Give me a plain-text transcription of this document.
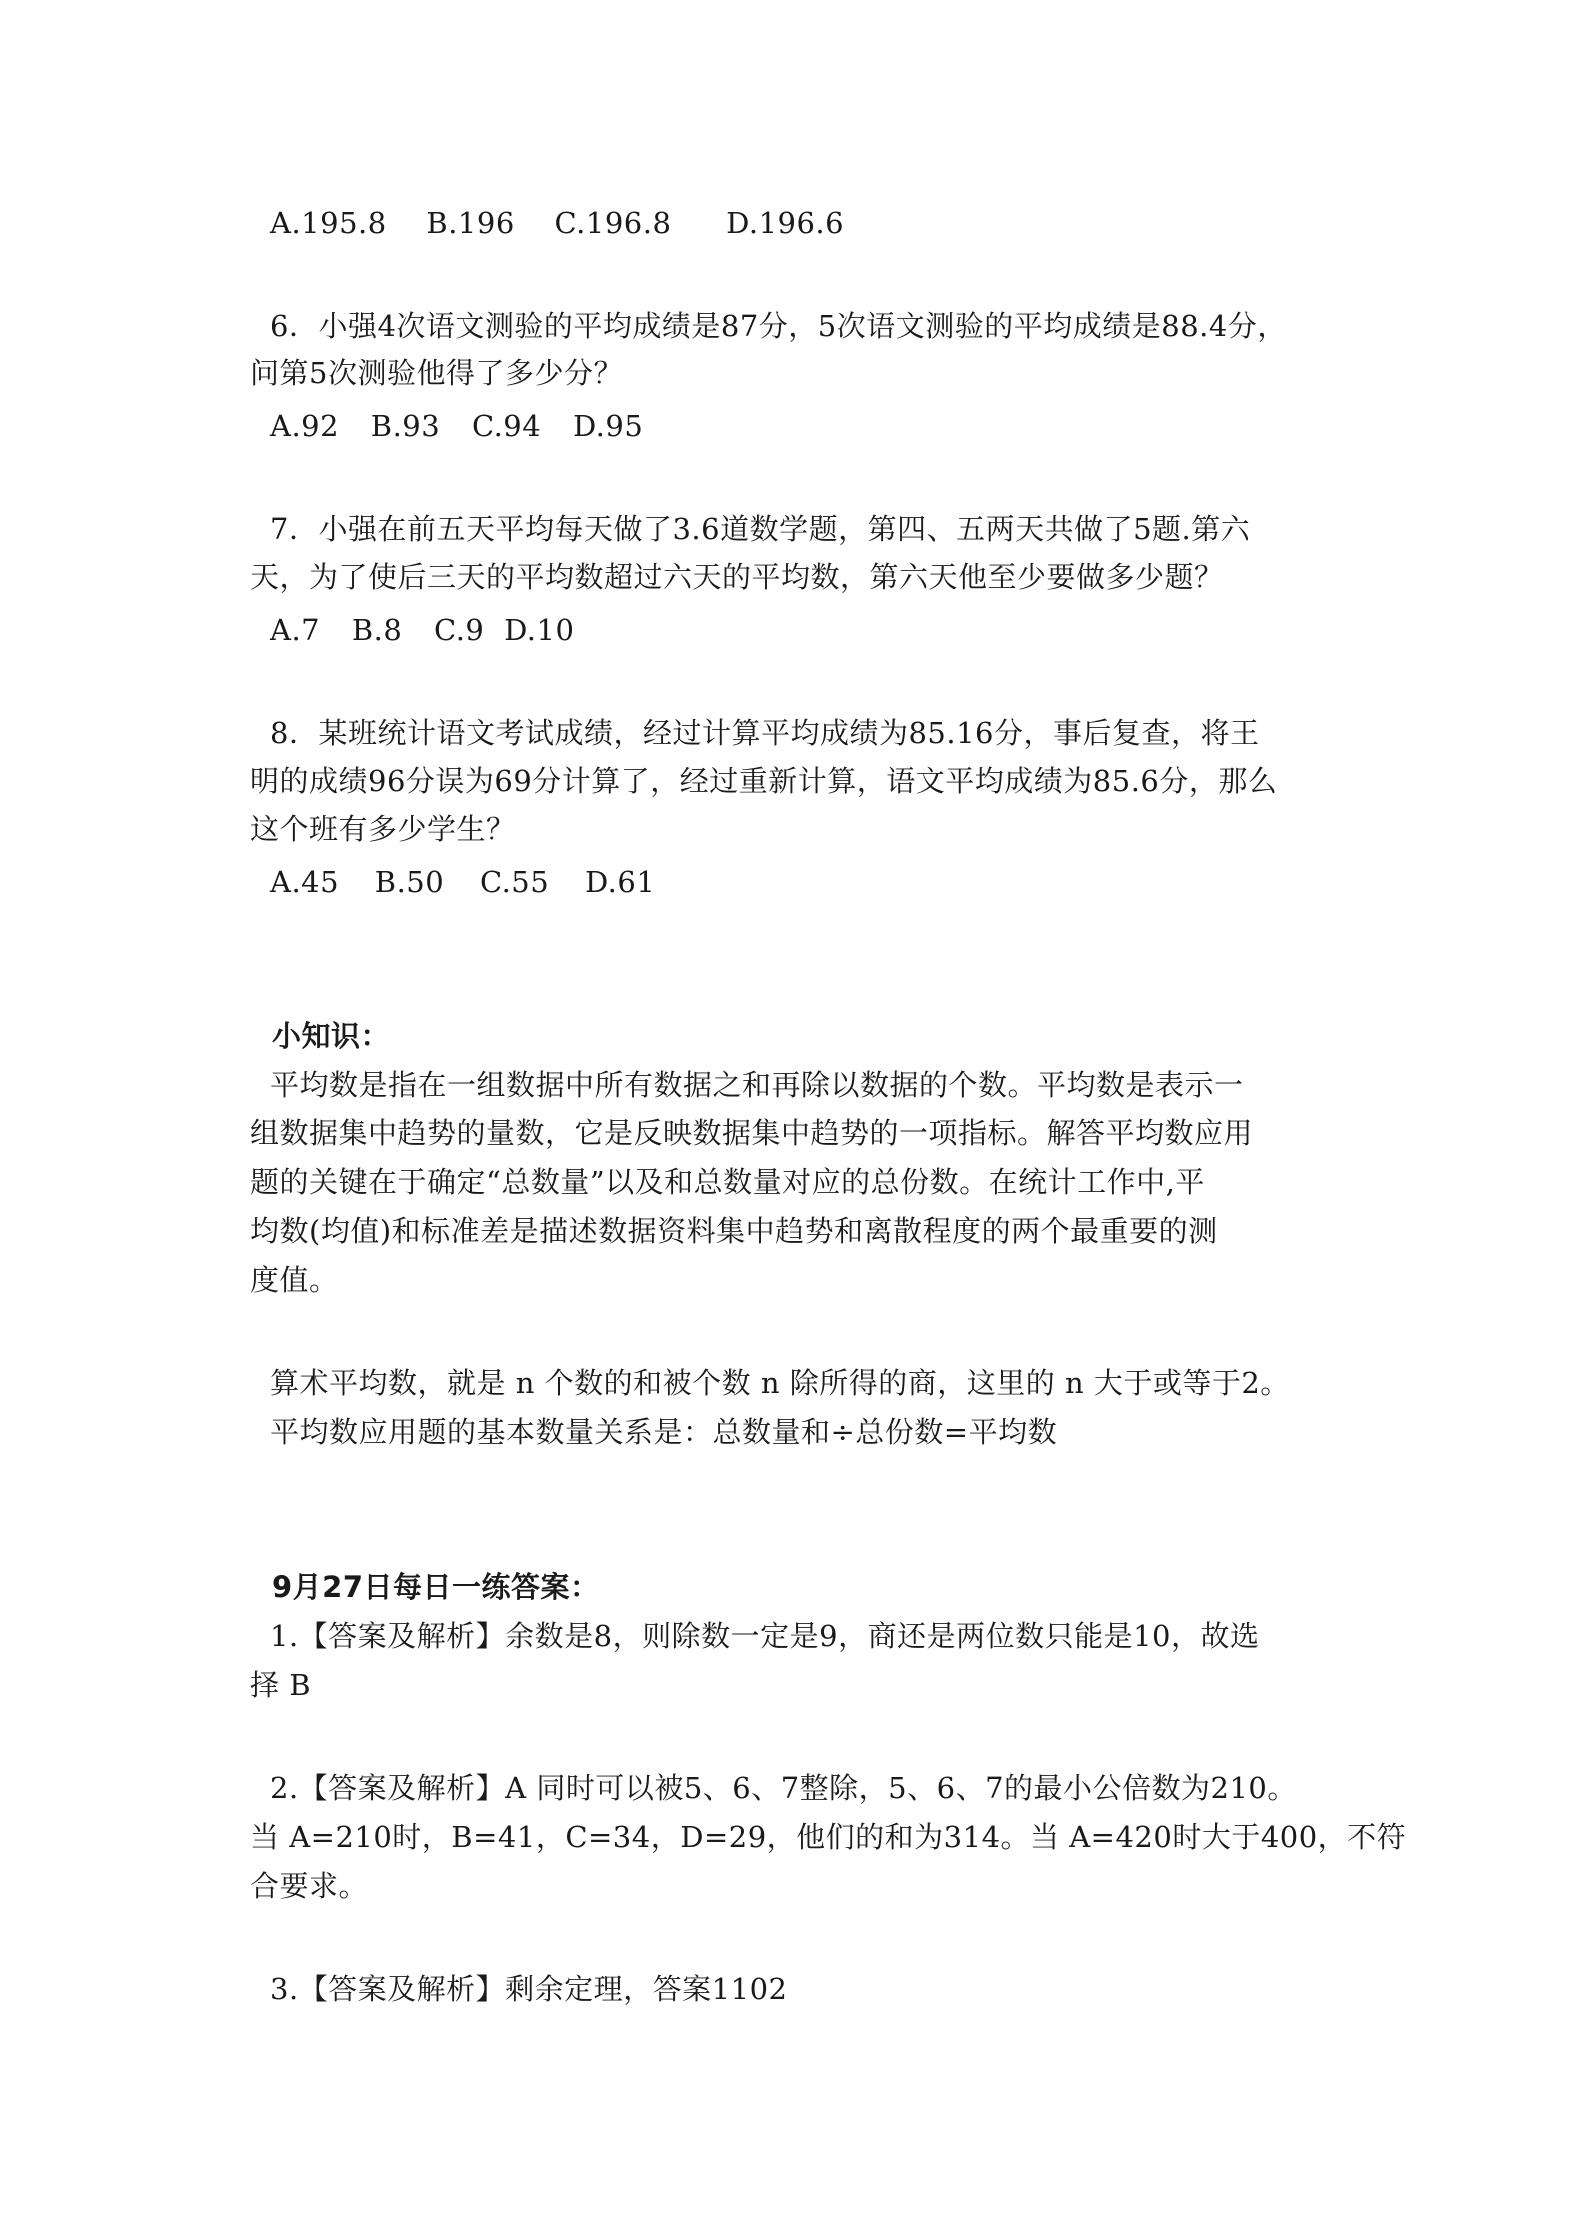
A.195.8 B.196 C.196.8 D.196.6
6．小强4次语文测验的平均成绩是87分，5次语文测验的平均成绩是88.4分，
问第5次测验他得了多少分？
A.92 B.93 C.94 D.95
7．小强在前五天平均每天做了3.6道数学题，第四、五两天共做了5题.第六
天，为了使后三天的平均数超过六天的平均数，第六天他至少要做多少题？
A.7 B.8 C.9 D.10
8．某班统计语文考试成绩，经过计算平均成绩为85.16分，事后复查，将王
明的成绩96分误为69分计算了，经过重新计算，语文平均成绩为85.6分，那么
这个班有多少学生？
A.45 B.50 C.55 D.61
小知识：
平均数是指在一组数据中所有数据之和再除以数据的个数。平均数是表示一
组数据集中趋势的量数，它是反映数据集中趋势的一项指标。解答平均数应用
题的关键在于确定“总数量”以及和总数量对应的总份数。在统计工作中,平
均数(均值)和标准差是描述数据资料集中趋势和离散程度的两个最重要的测
度值。
算术平均数，就是 n 个数的和被个数 n 除所得的商，这里的 n 大于或等于2。
平均数应用题的基本数量关系是：总数量和÷总份数=平均数
9月27日每日一练答案：
1.【答案及解析】余数是8，则除数一定是9，商还是两位数只能是10，故选
择 B
2.【答案及解析】A 同时可以被5、6、7整除，5、6、7的最小公倍数为210。
当 A=210时，B=41，C=34，D=29，他们的和为314。当 A=420时大于400，不符
合要求。
3.【答案及解析】剩余定理，答案1102
